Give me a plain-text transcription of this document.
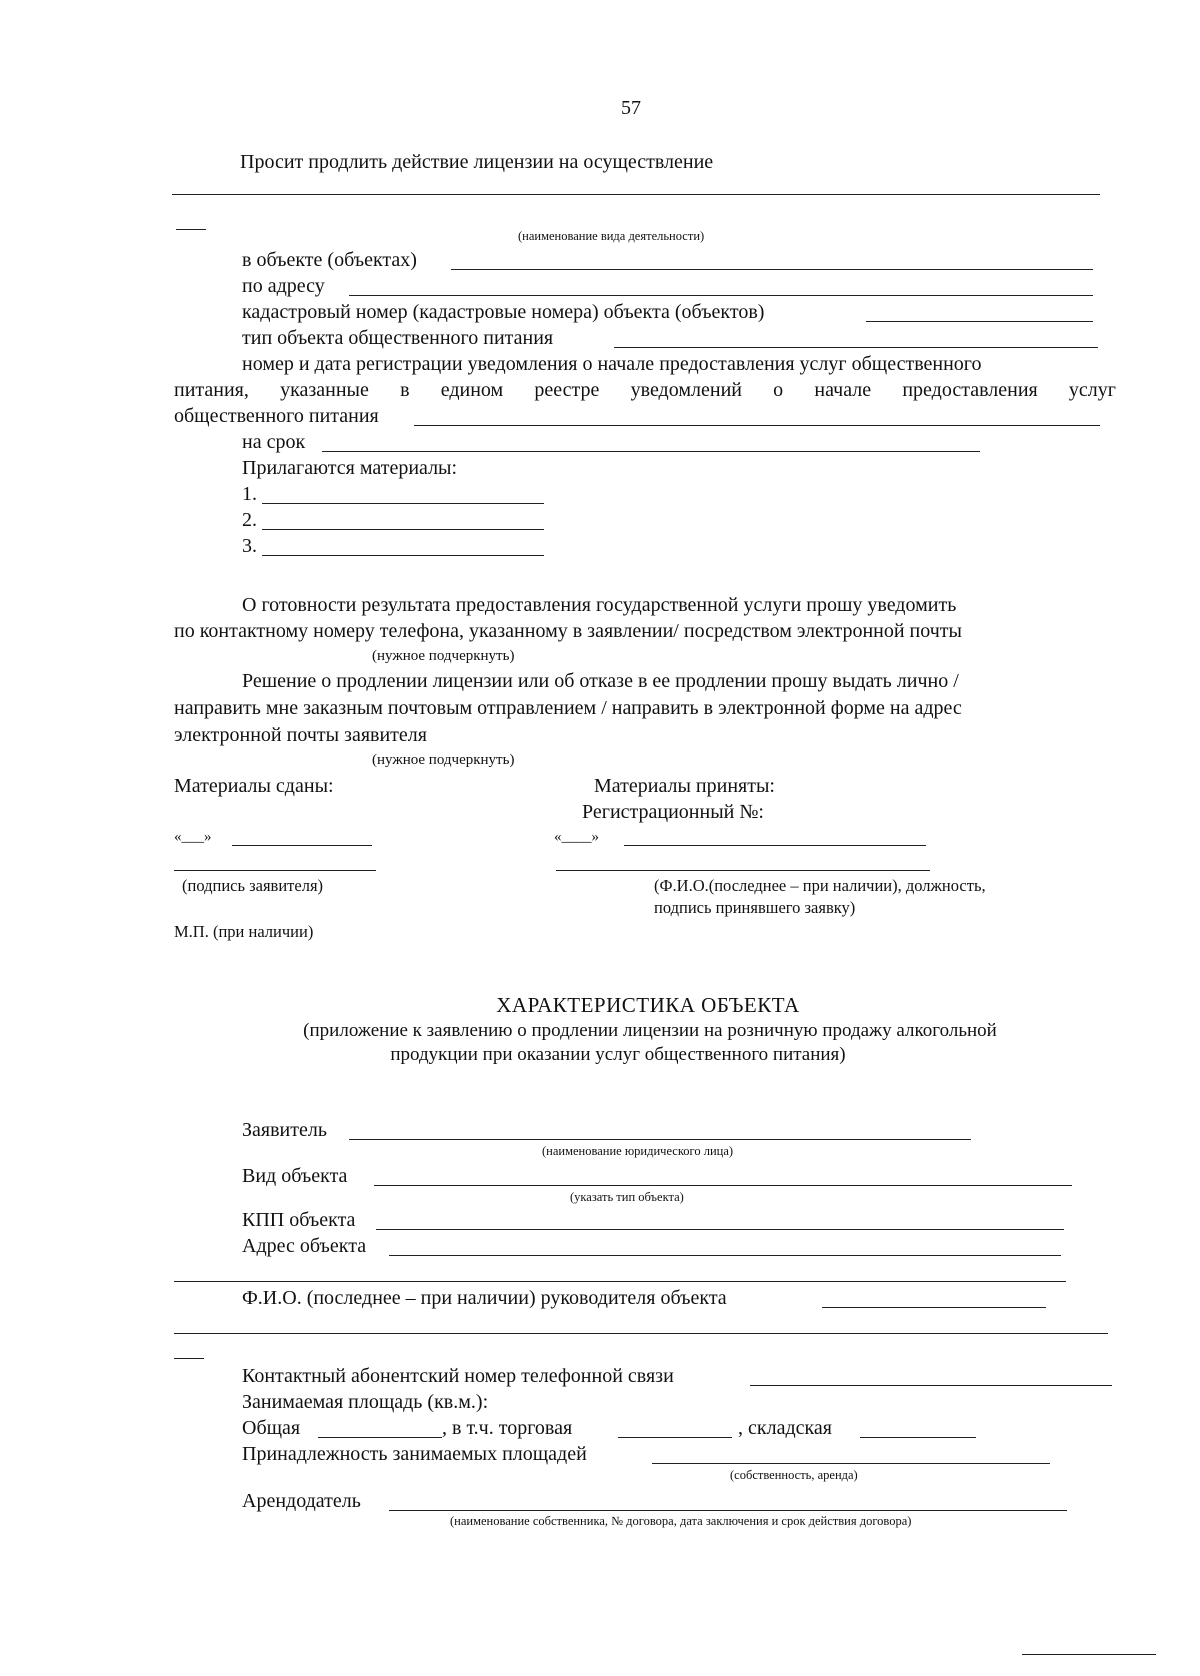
57
Просит продлить действие лицензии на осуществление
(наименование вида деятельности)
в объекте (объектах)
по адресу
кадастровый номер (кадастровые номера) объекта (объектов)
тип объекта общественного питания
номер и дата регистрации уведомления о начале предоставления услуг общественного
питания, указанные в едином реестре уведомлений о начале предоставления услуг
общественного питания
на срок
Прилагаются материалы:
1.
2.
3.
О готовности результата предоставления государственной услуги прошу уведомить
по контактному номеру телефона, указанному в заявлении/ посредством электронной почты
(нужное подчеркнуть)
Решение о продлении лицензии или об отказе в ее продлении прошу выдать лично /
направить мне заказным почтовым отправлением / направить в электронной форме на адрес
электронной почты заявителя
(нужное подчеркнуть)
Материалы сданы:	Материалы приняты:
Регистрационный №:
«___»	«____»
(подпись заявителя)	(Ф.И.О.(последнее – при наличии), должность,
подпись принявшего заявку)
М.П. (при наличии)
ХАРАКТЕРИСТИКА ОБЪЕКТА
(приложение к заявлению о продлении лицензии на розничную продажу алкогольной
продукции при оказании услуг общественного питания)
Заявитель
(наименование юридического лица)
Вид объекта
(указать тип объекта)
КПП объекта
Адрес объекта
Ф.И.О. (последнее – при наличии) руководителя объекта
Контактный абонентский номер телефонной связи
Занимаемая площадь (кв.м.):
Общая	, в т.ч. торговая	, складская
Принадлежность занимаемых площадей
(собственность, аренда)
Арендодатель
(наименование собственника, № договора, дата заключения и срок действия договора)
